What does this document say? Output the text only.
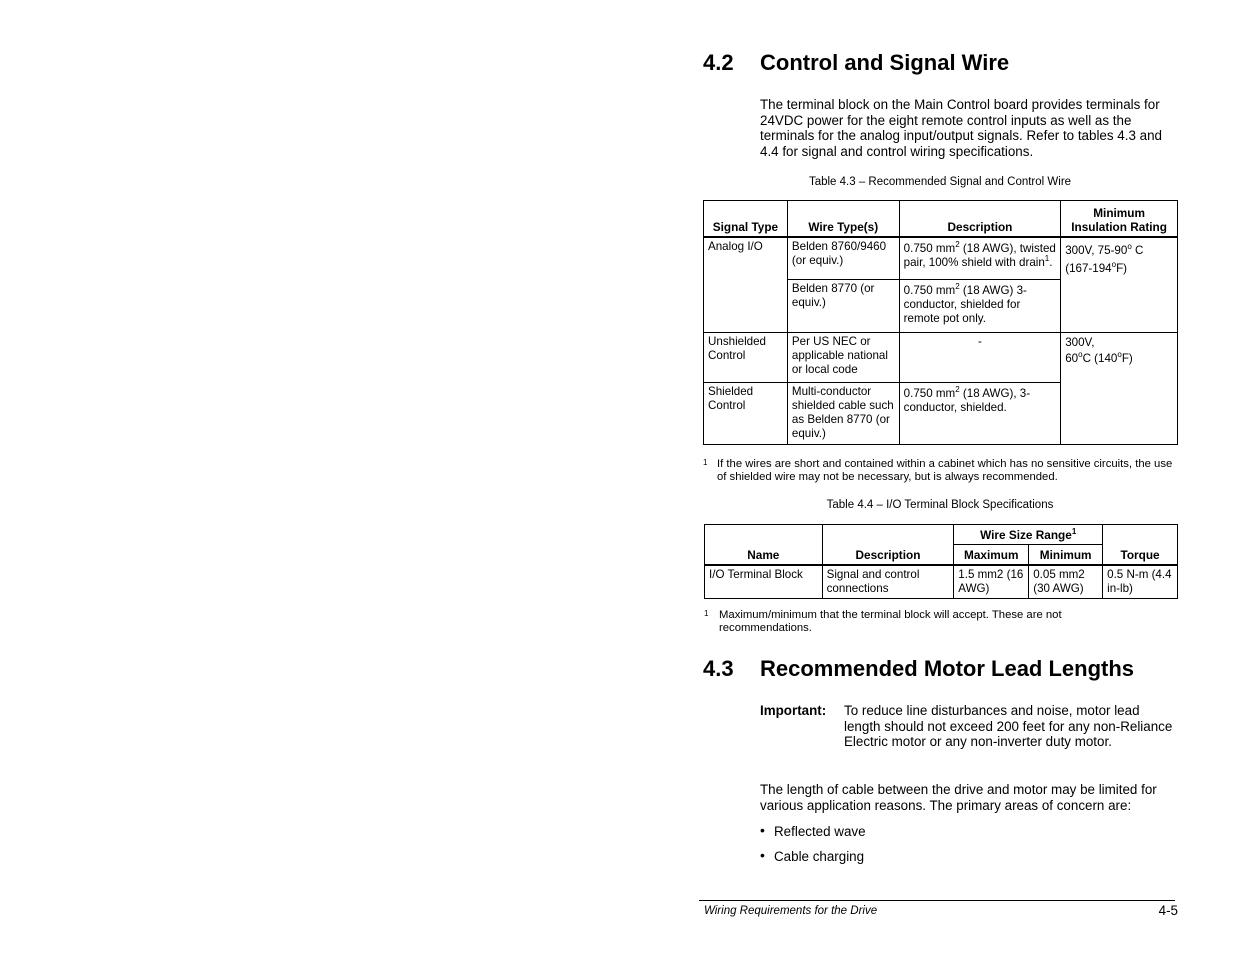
4.2 Control and Signal Wire

The terminal block on the Main Control board provides terminals for 24VDC power for the eight remote control inputs as well as the terminals for the analog input/output signals. Refer to tables 4.3 and 4.4 for signal and control wiring specifications.

Table 4.3 – Recommended Signal and Control Wire
Signal Type	Wire Type(s)	Description	Minimum Insulation Rating
Analog I/O	Belden 8760/9460 (or equiv.)	0.750 $mm^2$ (18 AWG), twisted pair, 100% shield with drain$^1$.	300V, 75-90$^o$ C (167-194$^o$F)
	Belden 8770 (or equiv.)	0.750 $mm^2$ (18 AWG) 3-conductor, shielded for remote pot only.	
Unshielded Control	Per US NEC or applicable national or local code	-	300V,
60$^o$C (140$^o$F)
Shielded Control	Multi-conductor shielded cable such as Belden 8770 (or equiv.)	0.750 $mm^2$ (18 AWG), 3-conductor, shielded.	
1 If the wires are short and contained within a cabinet which has no sensitive circuits, the use of shielded wire may not be necessary, but is always recommended.
Table 4.4 – I/O Terminal Block Specifications
Name	Description	Wire Size Range$^1$		Torque
		Maximum	Minimum	
I/O Terminal Block	Signal and control connections	1.5 mm2 (16 AWG)	0.05 mm2 (30 AWG)	0.5 N-m (4.4 in-lb)
1 Maximum/minimum that the terminal block will accept. These are not recommendations.
4.3 Recommended Motor Lead Lengths
Important: To reduce line disturbances and noise, motor lead length should not exceed 200 feet for any non-Reliance Electric motor or any non-inverter duty motor.

The length of cable between the drive and motor may be limited for various application reasons. The primary areas of concern are:

• Reflected wave
• Cable charging
Wiring Requirements for the Drive	4-5
